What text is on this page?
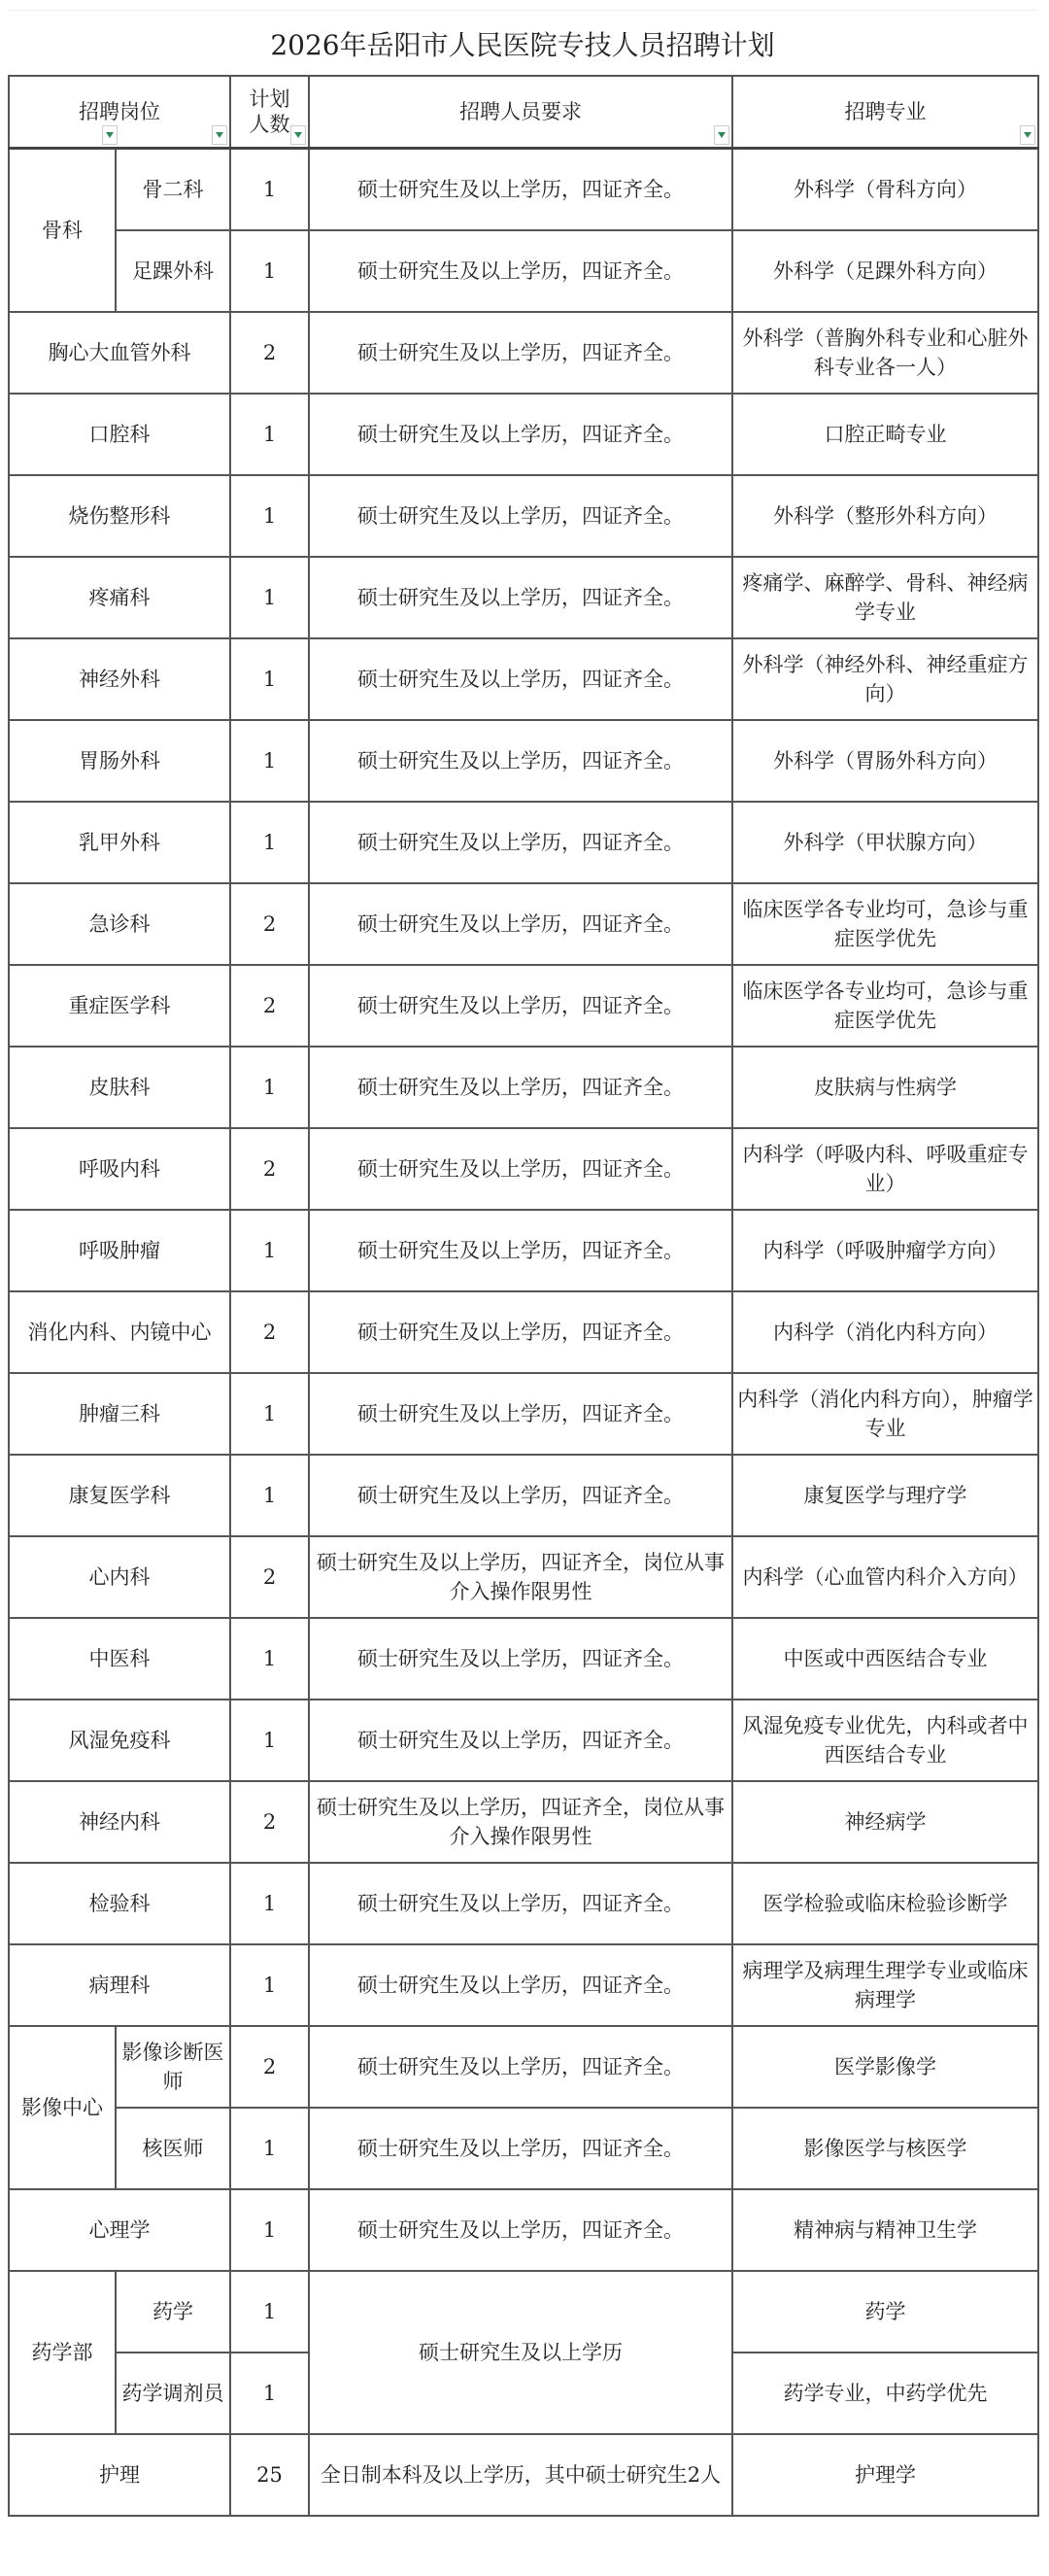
2026年岳阳市人民医院专技人员招聘计划
招聘岗位		计划人数	招聘人员要求	招聘专业

骨科	骨二科	1	硕士研究生及以上学历，四证齐全。	外科学（骨科方向）
	足踝外科	1	硕士研究生及以上学历，四证齐全。	外科学（足踝外科方向）
胸心大血管外科		2	硕士研究生及以上学历，四证齐全。	外科学（普胸外科专业和心脏外科专业各一人）
口腔科		1	硕士研究生及以上学历，四证齐全。	口腔正畸专业
烧伤整形科		1	硕士研究生及以上学历，四证齐全。	外科学（整形外科方向）
疼痛科		1	硕士研究生及以上学历，四证齐全。	疼痛学、麻醉学、骨科、神经病学专业
神经外科		1	硕士研究生及以上学历，四证齐全。	外科学（神经外科、神经重症方向）
胃肠外科		1	硕士研究生及以上学历，四证齐全。	外科学（胃肠外科方向）
乳甲外科		1	硕士研究生及以上学历，四证齐全。	外科学（甲状腺方向）
急诊科		2	硕士研究生及以上学历，四证齐全。	临床医学各专业均可，急诊与重症医学优先
重症医学科		2	硕士研究生及以上学历，四证齐全。	临床医学各专业均可，急诊与重症医学优先
皮肤科		1	硕士研究生及以上学历，四证齐全。	皮肤病与性病学
呼吸内科		2	硕士研究生及以上学历，四证齐全。	内科学（呼吸内科、呼吸重症专业）
呼吸肿瘤		1	硕士研究生及以上学历，四证齐全。	内科学（呼吸肿瘤学方向）
消化内科、内镜中心		2	硕士研究生及以上学历，四证齐全。	内科学（消化内科方向）
肿瘤三科		1	硕士研究生及以上学历，四证齐全。	内科学（消化内科方向），肿瘤学专业
康复医学科		1	硕士研究生及以上学历，四证齐全。	康复医学与理疗学
心内科		2	硕士研究生及以上学历，四证齐全，岗位从事介入操作限男性	内科学（心血管内科介入方向）
中医科		1	硕士研究生及以上学历，四证齐全。	中医或中西医结合专业
风湿免疫科		1	硕士研究生及以上学历，四证齐全。	风湿免疫专业优先，内科或者中西医结合专业
神经内科		2	硕士研究生及以上学历，四证齐全，岗位从事介入操作限男性	神经病学
检验科		1	硕士研究生及以上学历，四证齐全。	医学检验或临床检验诊断学
病理科		1	硕士研究生及以上学历，四证齐全。	病理学及病理生理学专业或临床病理学
影像中心	影像诊断医师	2	硕士研究生及以上学历，四证齐全。	医学影像学
	核医师	1	硕士研究生及以上学历，四证齐全。	影像医学与核医学
心理学		1	硕士研究生及以上学历，四证齐全。	精神病与精神卫生学
药学部	药学	1	硕士研究生及以上学历	药学
	药学调剂员	1		药学专业，中药学优先
护理		25	全日制本科及以上学历，其中硕士研究生2人	护理学
